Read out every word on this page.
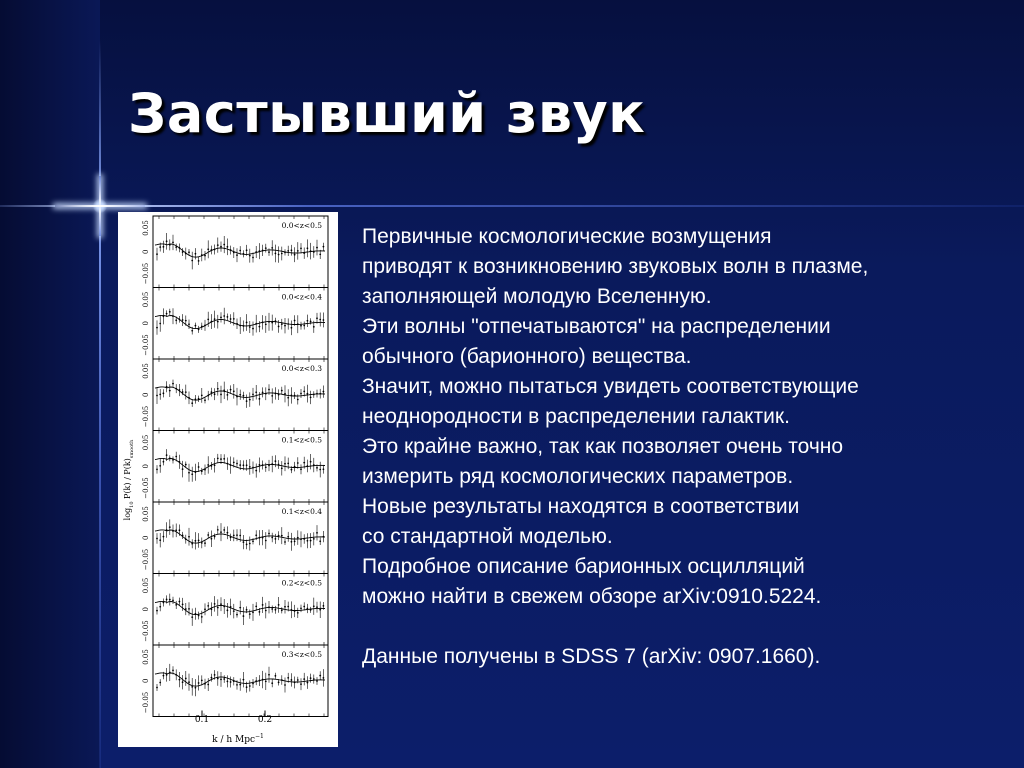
Застывший звук
0.05
0
−0.05
0.0<z<0.5
0.05
0
−0.05
0.0<z<0.4
0.05
0
−0.05
0.0<z<0.3
0.05
0
−0.05
0.1<z<0.5
0.05
0
−0.05
0.1<z<0.4
0.05
0
−0.05
0.2<z<0.5
0.05
0
−0.05
0.3<z<0.5
0.1	0.2
k / h Mpc$^{-1}$
$\log_{10} P(k) / P(k)_{smooth}$

Первичные космологические возмущения

приводят к возникновению звуковых волн в плазме,

заполняющей молодую Вселенную.

Эти волны "отпечатываются" на распределении

обычного (барионного) вещества.

Значит, можно пытаться увидеть соответствующие

неоднородности в распределении галактик.

Это крайне важно, так как позволяет очень точно

измерить ряд космологических параметров.

Новые результаты находятся в соответствии

со стандартной моделью.

Подробное описание барионных осцилляций

можно найти в свежем обзоре arXiv:0910.5224.

Данные получены в SDSS 7 (arXiv: 0907.1660).
